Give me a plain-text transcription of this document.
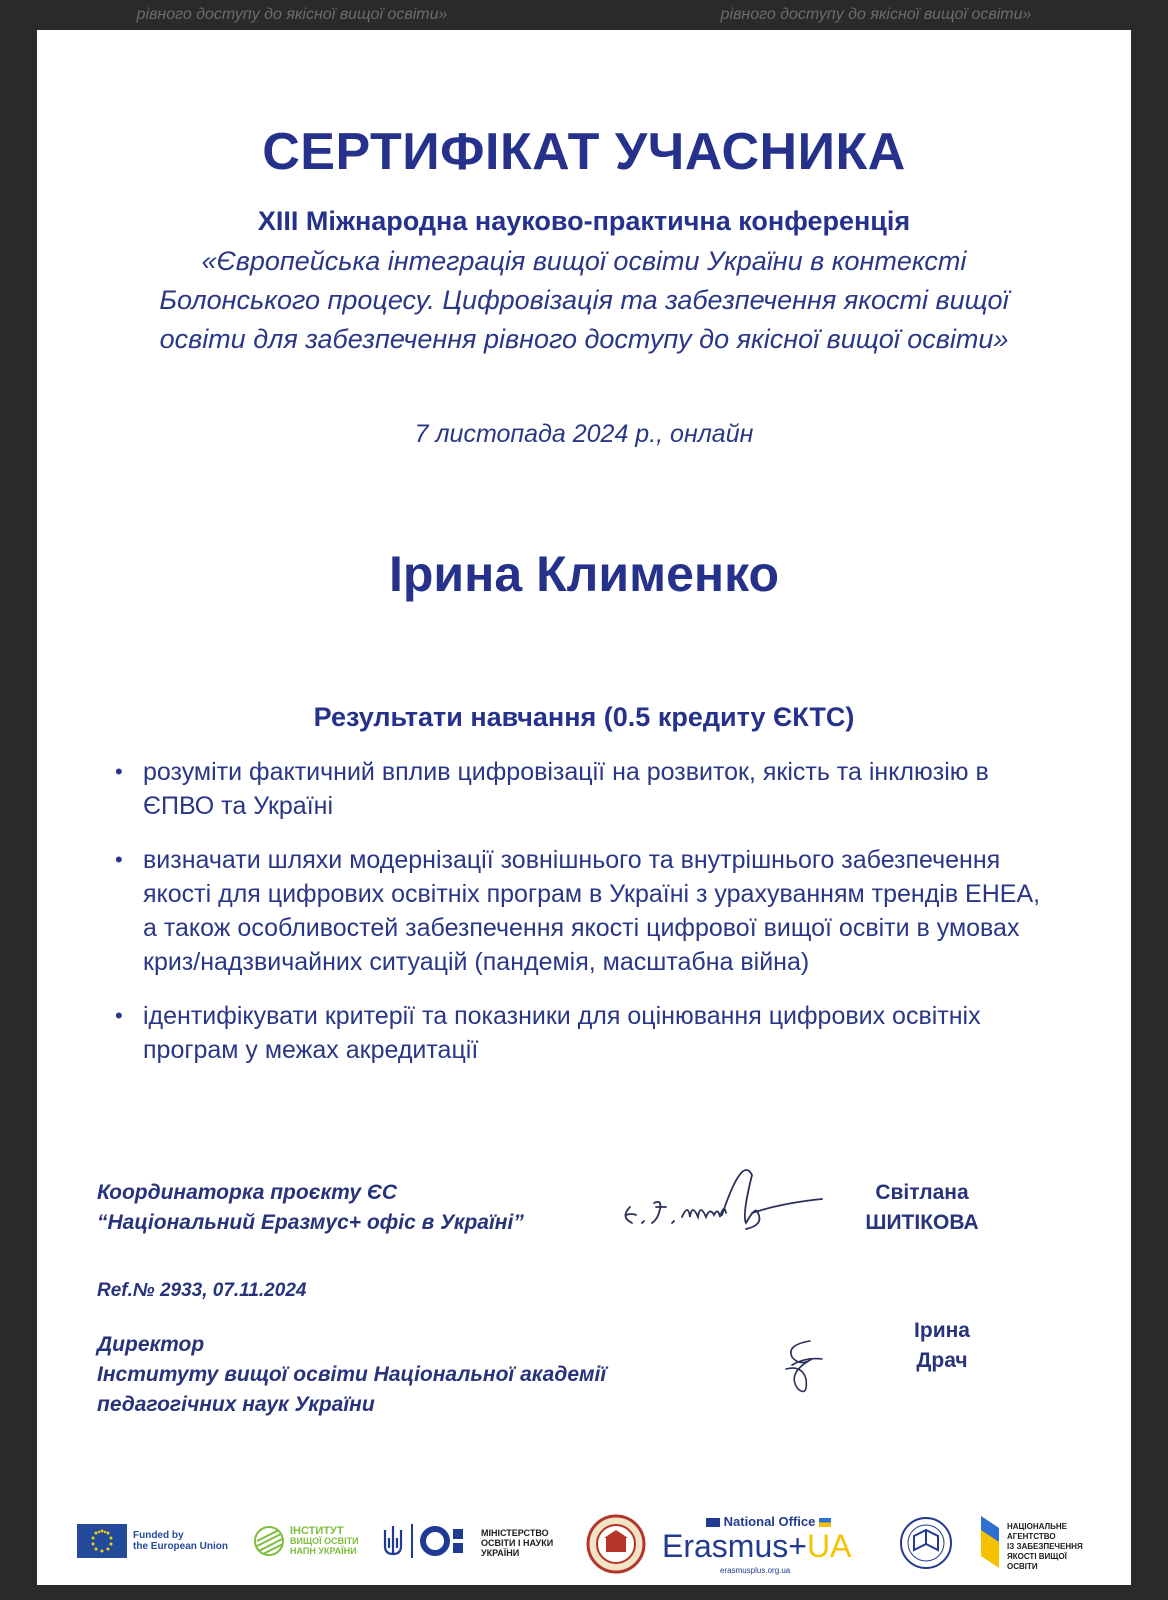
рівного доступу до якісної вищої освіти»	рівного доступу до якісної вищої освіти»
СЕРТИФІКАТ УЧАСНИКА
XIII Міжнародна науково-практична конференція
«Європейська інтеграція вищої освіти України в контексті Болонського процесу. Цифровізація та забезпечення якості вищої освіти для забезпечення рівного доступу до якісної вищої освіти»
7 листопада 2024 р., онлайн
Ірина Клименко
Результати навчання (0.5 кредиту ЄКТС)
• розуміти фактичний вплив цифровізації на розвиток, якість та інклюзію в ЄПВО та Україні
• визначати шляхи модернізації зовнішнього та внутрішнього забезпечення якості для цифрових освітніх програм в Україні з урахуванням трендів EHEA, а також особливостей забезпечення якості цифрової вищої освіти в умовах криз/надзвичайних ситуацій (пандемія, масштабна війна)
• ідентифікувати критерії та показники для оцінювання цифрових освітніх програм у межах акредитації
Координаторка проєкту ЄС
“Національний Еразмус+ офіс в Україні”
Світлана
ШИТІКОВА
Ref.№ 2933, 07.11.2024
Директор
Інституту вищої освіти Національної академії
педагогічних наук України
Ірина
Драч
Funded by
the European Union
ІНСТИТУТ
ВИЩОЇ ОСВІТИ
НАПН УКРАЇНИ
МІНІСТЕРСТВО
ОСВІТИ І НАУКИ
УКРАЇНИ
National Office
Erasmus+UA
erasmusplus.org.ua
НАЦІОНАЛЬНЕ
АГЕНТСТВО
ІЗ ЗАБЕЗПЕЧЕННЯ
ЯКОСТІ ВИЩОЇ ОСВІТИ
